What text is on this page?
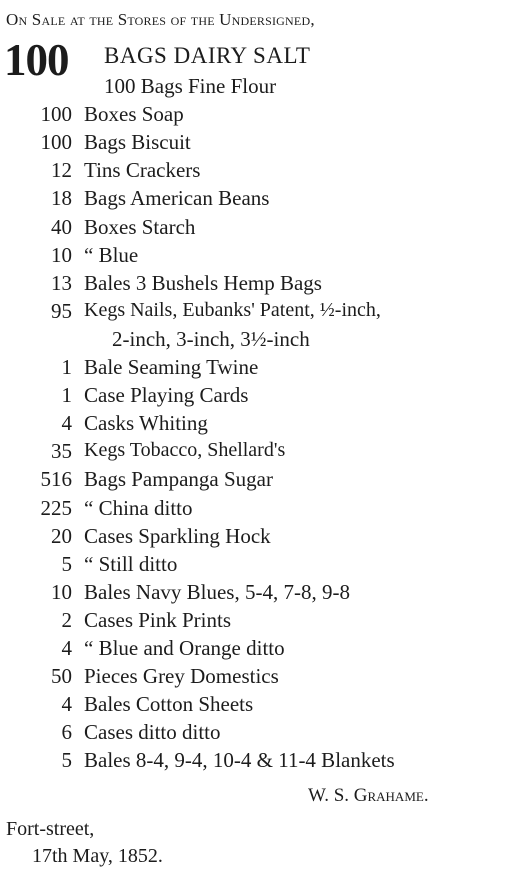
On Sale at the Stores of the Undersigned,
100 BAGS DAIRY SALT
100 Bags Fine Flour
100 Boxes Soap
100 Bags Biscuit
12 Tins Crackers
18 Bags American Beans
40 Boxes Starch
10 “ Blue
13 Bales 3 Bushels Hemp Bags
95 Kegs Nails, Eubanks' Patent, ½-inch,
2-inch, 3-inch, 3½-inch
1 Bale Seaming Twine
1 Case Playing Cards
4 Casks Whiting
35 Kegs Tobacco, Shellard's
516 Bags Pampanga Sugar
225 “ China ditto
20 Cases Sparkling Hock
5 “ Still ditto
10 Bales Navy Blues, 5-4, 7-8, 9-8
2 Cases Pink Prints
4 “ Blue and Orange ditto
50 Pieces Grey Domestics
4 Bales Cotton Sheets
6 Cases ditto ditto
5 Bales 8-4, 9-4, 10-4 & 11-4 Blankets
W. S. Grahame.
Fort-street,
17th May, 1852.
